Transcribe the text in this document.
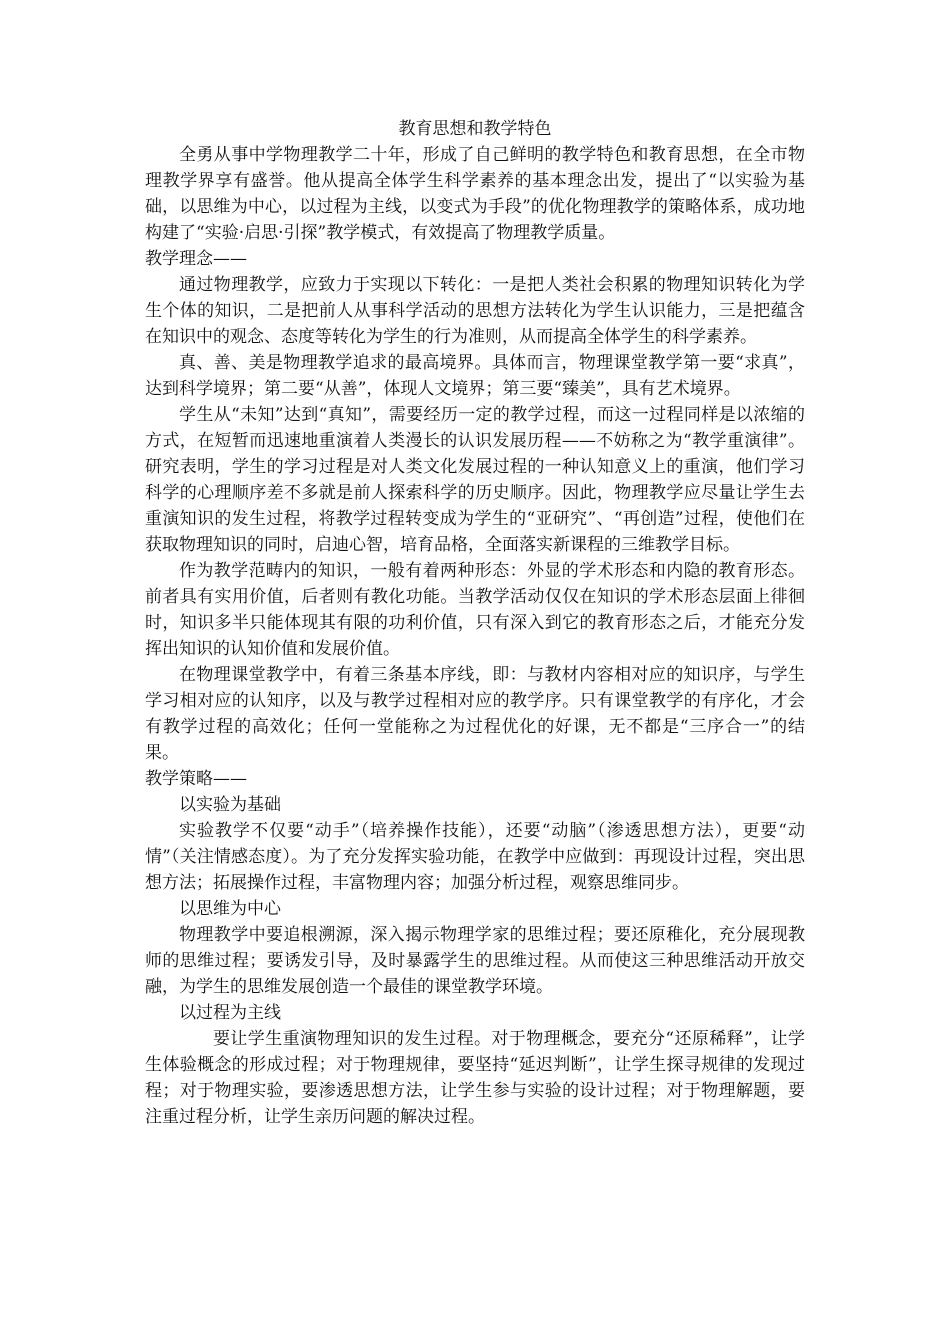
教育思想和教学特色

全勇从事中学物理教学二十年，形成了自己鲜明的教学特色和教育思想，在全市物理教学界享有盛誉。他从提高全体学生科学素养的基本理念出发，提出了“以实验为基础，以思维为中心，以过程为主线，以变式为手段”的优化物理教学的策略体系，成功地构建了“实验·启思·引探”教学模式，有效提高了物理教学质量。

教学理念——

通过物理教学，应致力于实现以下转化：一是把人类社会积累的物理知识转化为学生个体的知识，二是把前人从事科学活动的思想方法转化为学生认识能力，三是把蕴含在知识中的观念、态度等转化为学生的行为准则，从而提高全体学生的科学素养。

真、善、美是物理教学追求的最高境界。具体而言，物理课堂教学第一要“求真”，达到科学境界；第二要“从善”，体现人文境界；第三要“臻美”，具有艺术境界。

学生从“未知”达到“真知”，需要经历一定的教学过程，而这一过程同样是以浓缩的方式，在短暂而迅速地重演着人类漫长的认识发展历程——不妨称之为“教学重演律”。研究表明，学生的学习过程是对人类文化发展过程的一种认知意义上的重演，他们学习科学的心理顺序差不多就是前人探索科学的历史顺序。因此，物理教学应尽量让学生去重演知识的发生过程，将教学过程转变成为学生的“亚研究”、“再创造”过程，使他们在获取物理知识的同时，启迪心智，培育品格，全面落实新课程的三维教学目标。

作为教学范畴内的知识，一般有着两种形态：外显的学术形态和内隐的教育形态。前者具有实用价值，后者则有教化功能。当教学活动仅仅在知识的学术形态层面上徘徊时，知识多半只能体现其有限的功利价值，只有深入到它的教育形态之后，才能充分发挥出知识的认知价值和发展价值。

在物理课堂教学中，有着三条基本序线，即：与教材内容相对应的知识序，与学生学习相对应的认知序，以及与教学过程相对应的教学序。只有课堂教学的有序化，才会有教学过程的高效化；任何一堂能称之为过程优化的好课，无不都是“三序合一”的结果。

教学策略——

以实验为基础

实验教学不仅要“动手”（培养操作技能），还要“动脑”（渗透思想方法），更要“动情”（关注情感态度）。为了充分发挥实验功能，在教学中应做到：再现设计过程，突出思想方法；拓展操作过程，丰富物理内容；加强分析过程，观察思维同步。

以思维为中心

物理教学中要追根溯源，深入揭示物理学家的思维过程；要还原稚化，充分展现教师的思维过程；要诱发引导，及时暴露学生的思维过程。从而使这三种思维活动开放交融，为学生的思维发展创造一个最佳的课堂教学环境。

以过程为主线

要让学生重演物理知识的发生过程。对于物理概念，要充分“还原稀释”，让学生体验概念的形成过程；对于物理规律，要坚持“延迟判断”，让学生探寻规律的发现过程；对于物理实验，要渗透思想方法，让学生参与实验的设计过程；对于物理解题，要注重过程分析，让学生亲历问题的解决过程。
